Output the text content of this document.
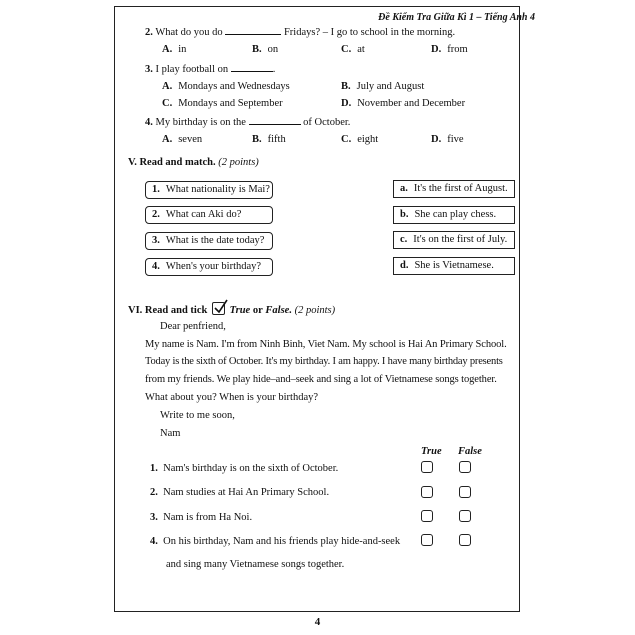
Đề Kiểm Tra Giữa Kì 1 – Tiếng Anh 4
2. What do you do	Fridays? – I go to school in the morning.
A. in	B. on	C. at	D. from
3. I play football on	.
A. Mondays and Wednesdays	B. July and August
C. Mondays and September	D. November and December
4. My birthday is on the	of October.
A. seven	B. fifth	C. eight	D. five
V. Read and match. (2 points)
1. What nationality is Mai?
2. What can Aki do?
3. What is the date today?
4. When's your birthday?
a. It's the first of August.
b. She can play chess.
c. It's on the first of July.
d. She is Vietnamese.
VI. Read and tick True or False. (2 points)
Dear penfriend,
My name is Nam. I'm from Ninh Binh, Viet Nam. My school is Hai An Primary School.
Today is the sixth of October. It's my birthday. I am happy. I have many birthday presents
from my friends. We play hide–and–seek and sing a lot of Vietnamese songs together.
What about you? When is your birthday?
Write to me soon,
Nam
True False
1. Nam's birthday is on the sixth of October.
2. Nam studies at Hai An Primary School.
3. Nam is from Ha Noi.
4. On his birthday, Nam and his friends play hide-and-seek
and sing many Vietnamese songs together.
4
